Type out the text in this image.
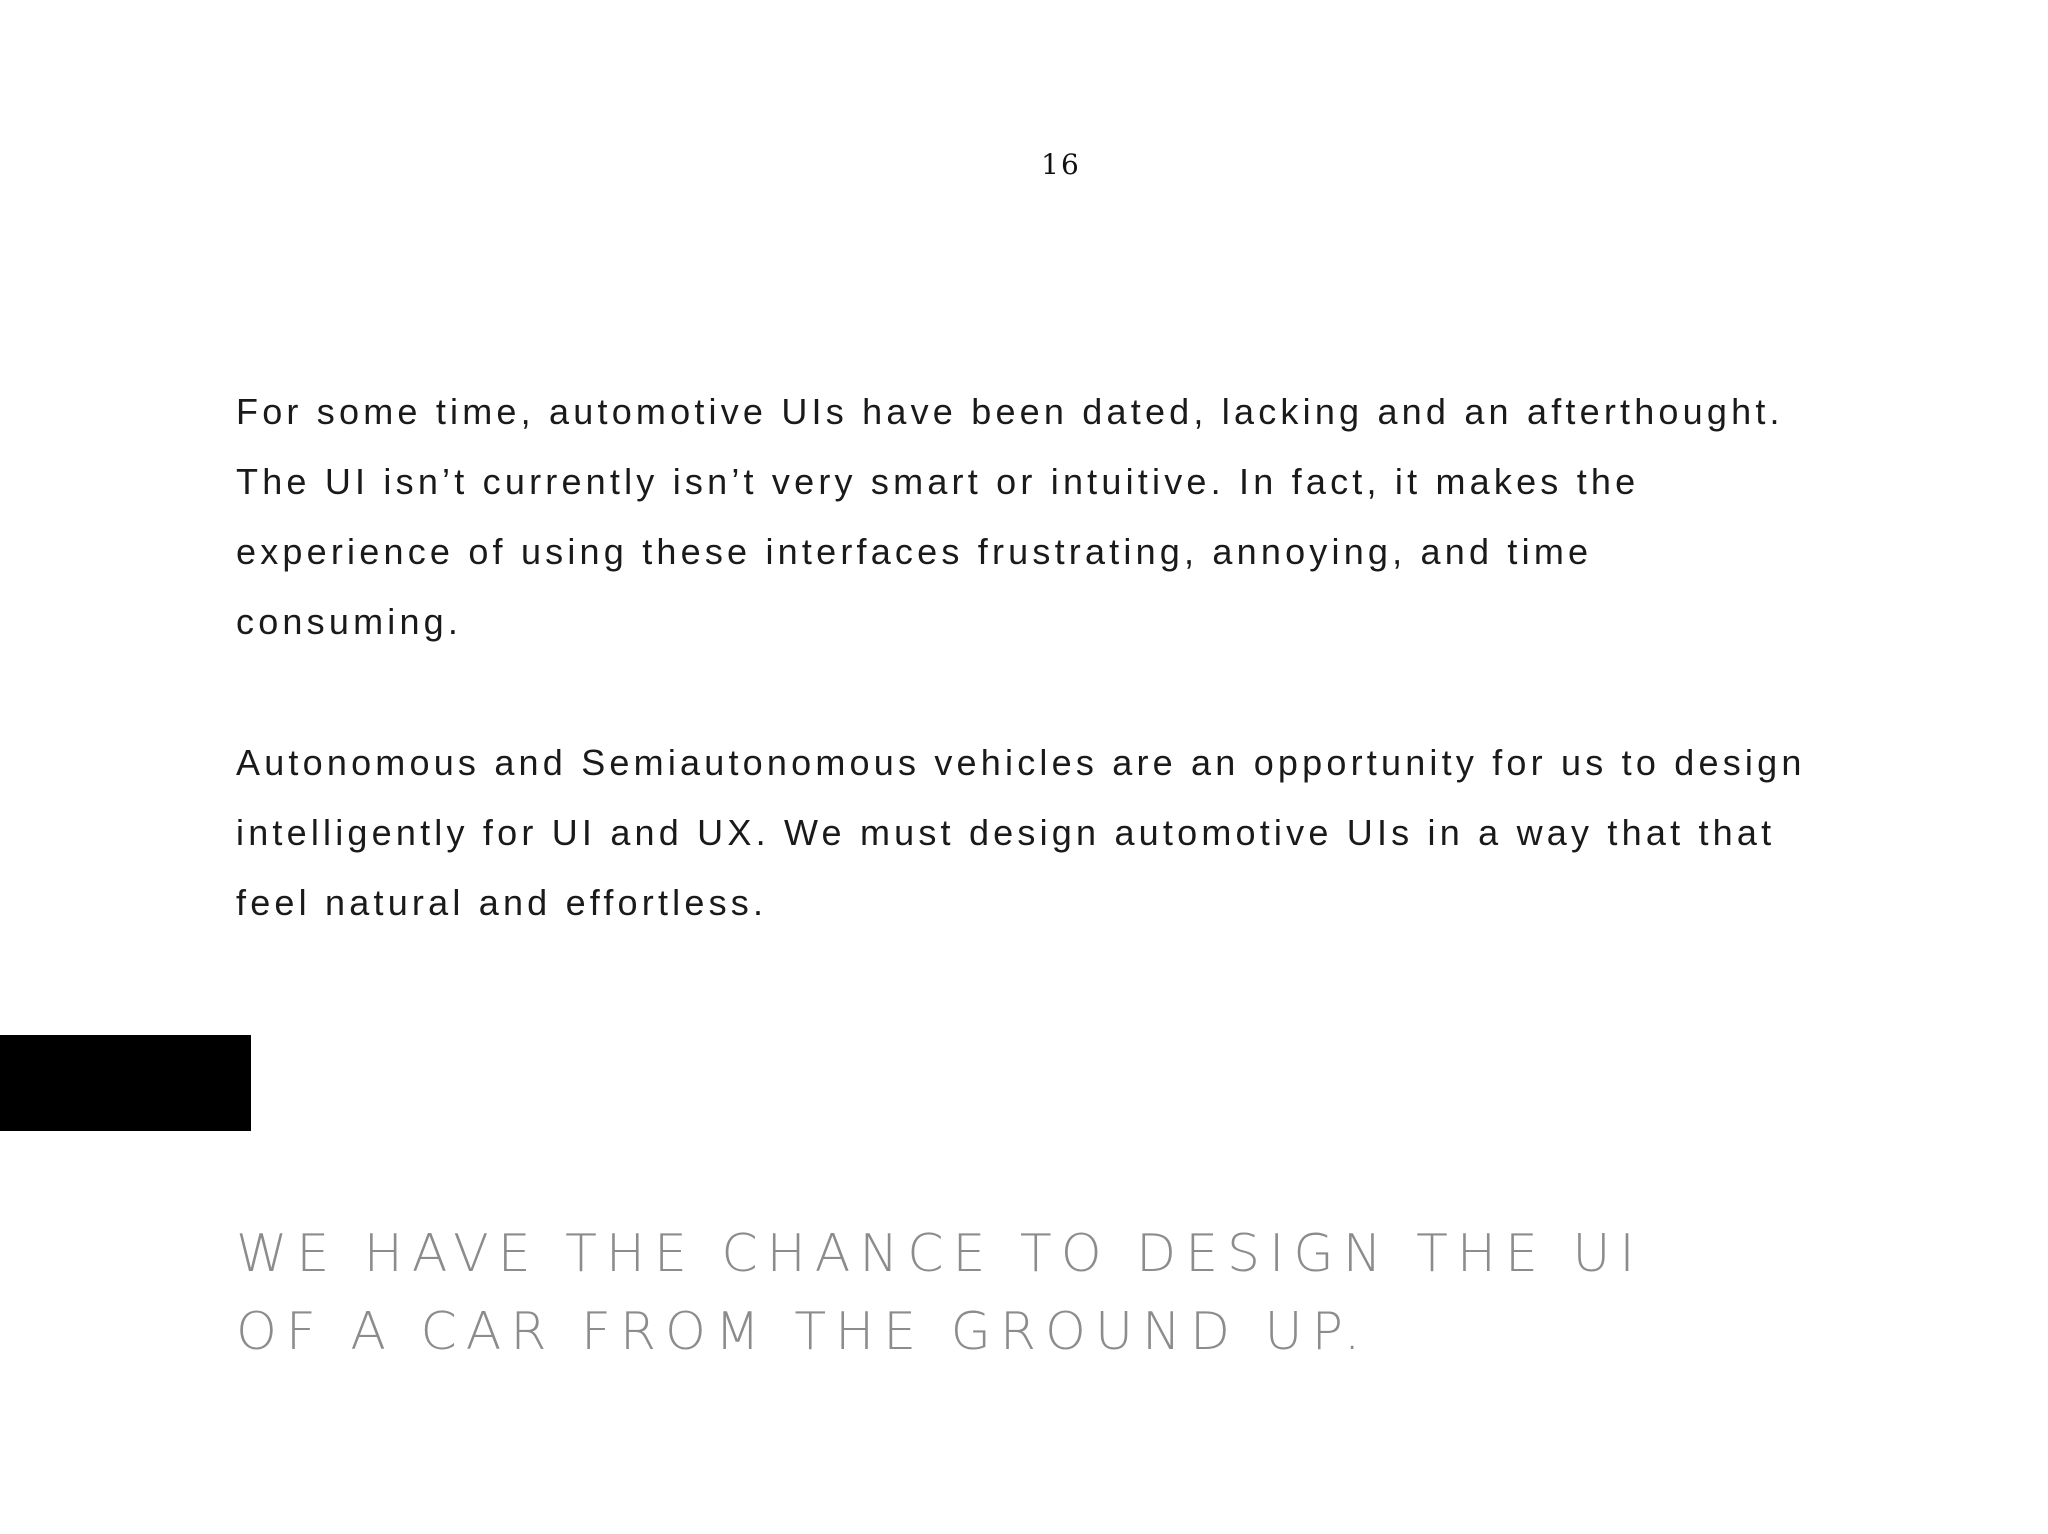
16
For some time, automotive UIs have been dated, lacking and an afterthought.
The UI isn’t currently isn’t very smart or intuitive. In fact, it makes the
experience of using these interfaces frustrating, annoying, and time
consuming.
Autonomous and Semiautonomous vehicles are an opportunity for us to design
intelligently for UI and UX. We must design automotive UIs in a way that that
feel natural and effortless.
WE HAVE THE CHANCE TO DESIGN THE UI
OF A CAR FROM THE GROUND UP.
